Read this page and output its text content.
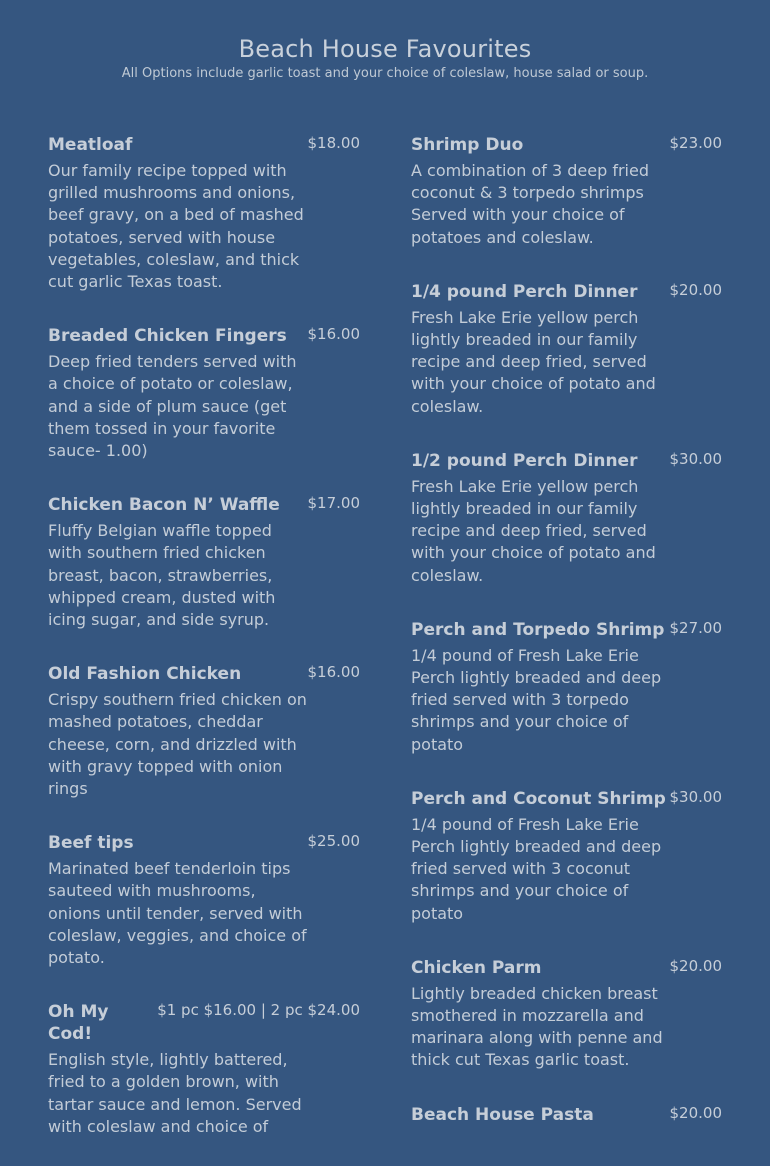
Beach House Favourites
All Options include garlic toast and your choice of coleslaw, house salad or soup.
Meatloaf	$18.00
Our family recipe topped with grilled mushrooms and onions, beef gravy, on a bed of mashed potatoes, served with house vegetables, coleslaw, and thick cut garlic Texas toast.
Breaded Chicken Fingers $16.00
Deep fried tenders served with a choice of potato or coleslaw, and a side of plum sauce (get them tossed in your favorite sauce- 1.00)
Chicken Bacon N’ Waffle $17.00
Fluffy Belgian waffle topped with southern fried chicken breast, bacon, strawberries, whipped cream, dusted with icing sugar, and side syrup.
Old Fashion Chicken	$16.00
Crispy southern fried chicken on mashed potatoes, cheddar cheese, corn, and drizzled with with gravy topped with onion rings
Beef tips	$25.00
Marinated beef tenderloin tips sauteed with mushrooms, onions until tender, served with coleslaw, veggies, and choice of potato.
Oh My Cod!
$1 pc $16.00 | 2 pc $24.00
English style, lightly battered, fried to a golden brown, with tartar sauce and lemon. Served with coleslaw and choice of
Shrimp Duo	$23.00
A combination of 3 deep fried coconut & 3 torpedo shrimps Served with your choice of potatoes and coleslaw.
1/4 pound Perch Dinner $20.00
Fresh Lake Erie yellow perch lightly breaded in our family recipe and deep fried, served with your choice of potato and coleslaw.
1/2 pound Perch Dinner $30.00
Fresh Lake Erie yellow perch lightly breaded in our family recipe and deep fried, served with your choice of potato and coleslaw.
Perch and Torpedo Shrimp $27.00
1/4 pound of Fresh Lake Erie Perch lightly breaded and deep fried served with 3 torpedo shrimps and your choice of potato
Perch and Coconut Shrimp $30.00
1/4 pound of Fresh Lake Erie Perch lightly breaded and deep fried served with 3 coconut shrimps and your choice of potato
Chicken Parm	$20.00
Lightly breaded chicken breast smothered in mozzarella and marinara along with penne and thick cut Texas garlic toast.
Beach House Pasta	$20.00
